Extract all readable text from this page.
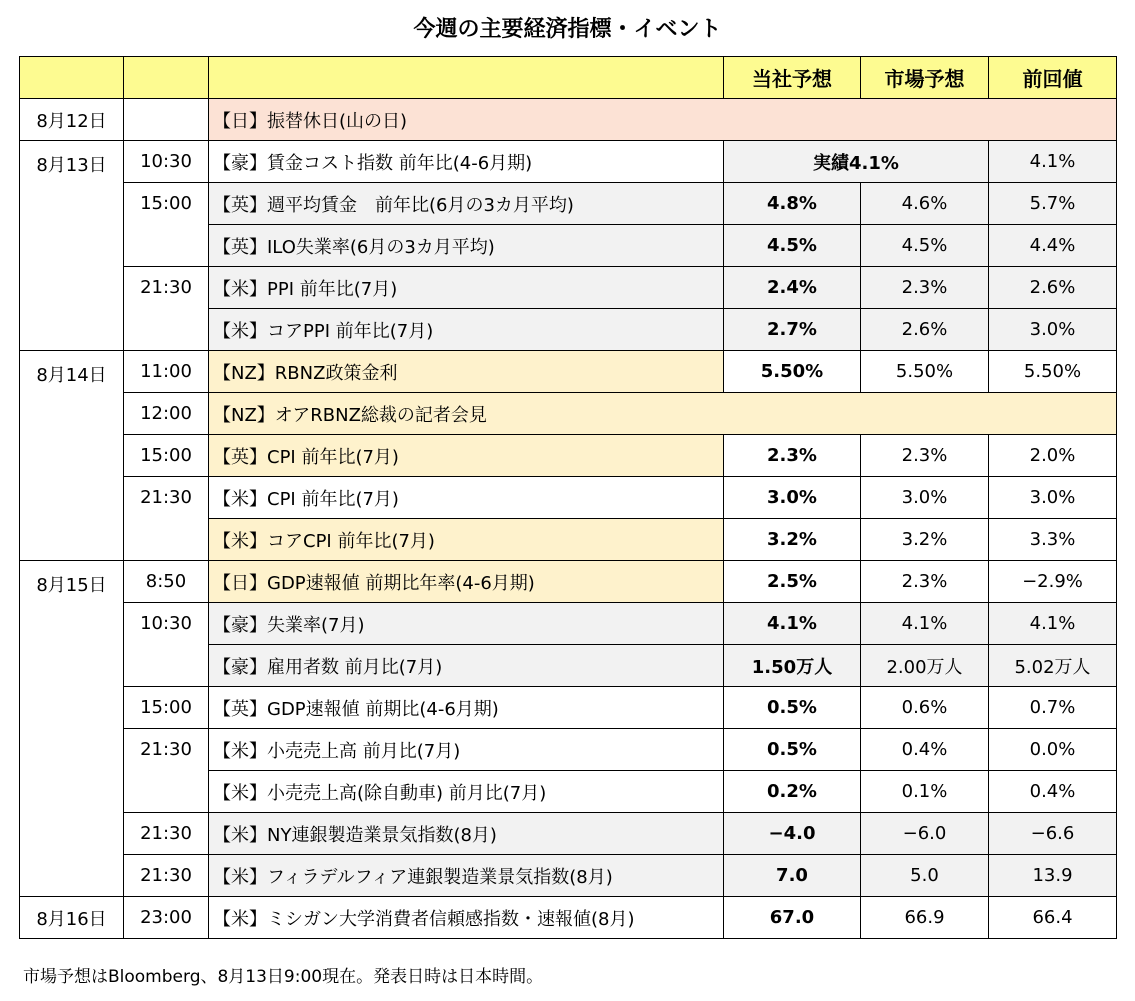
今週の主要経済指標・イベント
			当社予想	市場予想	前回値
8月12日		【日】振替休日(山の日)			
8月13日	10:30	【豪】賃金コスト指数 前年比(4-6月期)	実績4.1%		4.1%
	15:00	【英】週平均賃金　前年比(6月の3カ月平均)	4.8%	4.6%	5.7%
		【英】ILO失業率(6月の3カ月平均)	4.5%	4.5%	4.4%
	21:30	【米】PPI 前年比(7月)	2.4%	2.3%	2.6%
		【米】コアPPI 前年比(7月)	2.7%	2.6%	3.0%
8月14日	11:00	【NZ】RBNZ政策金利	5.50%	5.50%	5.50%
	12:00	【NZ】オアRBNZ総裁の記者会見			
	15:00	【英】CPI 前年比(7月)	2.3%	2.3%	2.0%
	21:30	【米】CPI 前年比(7月)	3.0%	3.0%	3.0%
		【米】コアCPI 前年比(7月)	3.2%	3.2%	3.3%
8月15日	8:50	【日】GDP速報値 前期比年率(4-6月期)	2.5%	2.3%	−2.9%
	10:30	【豪】失業率(7月)	4.1%	4.1%	4.1%
		【豪】雇用者数 前月比(7月)	1.50万人	2.00万人	5.02万人
	15:00	【英】GDP速報値 前期比(4-6月期)	0.5%	0.6%	0.7%
	21:30	【米】小売売上高 前月比(7月)	0.5%	0.4%	0.0%
		【米】小売売上高(除自動車) 前月比(7月)	0.2%	0.1%	0.4%
	21:30	【米】NY連銀製造業景気指数(8月)	−4.0	−6.0	−6.6
	21:30	【米】フィラデルフィア連銀製造業景気指数(8月)	7.0	5.0	13.9
8月16日	23:00	【米】ミシガン大学消費者信頼感指数・速報値(8月)	67.0	66.9	66.4
市場予想はBloomberg、8月13日9:00現在。発表日時は日本時間。
